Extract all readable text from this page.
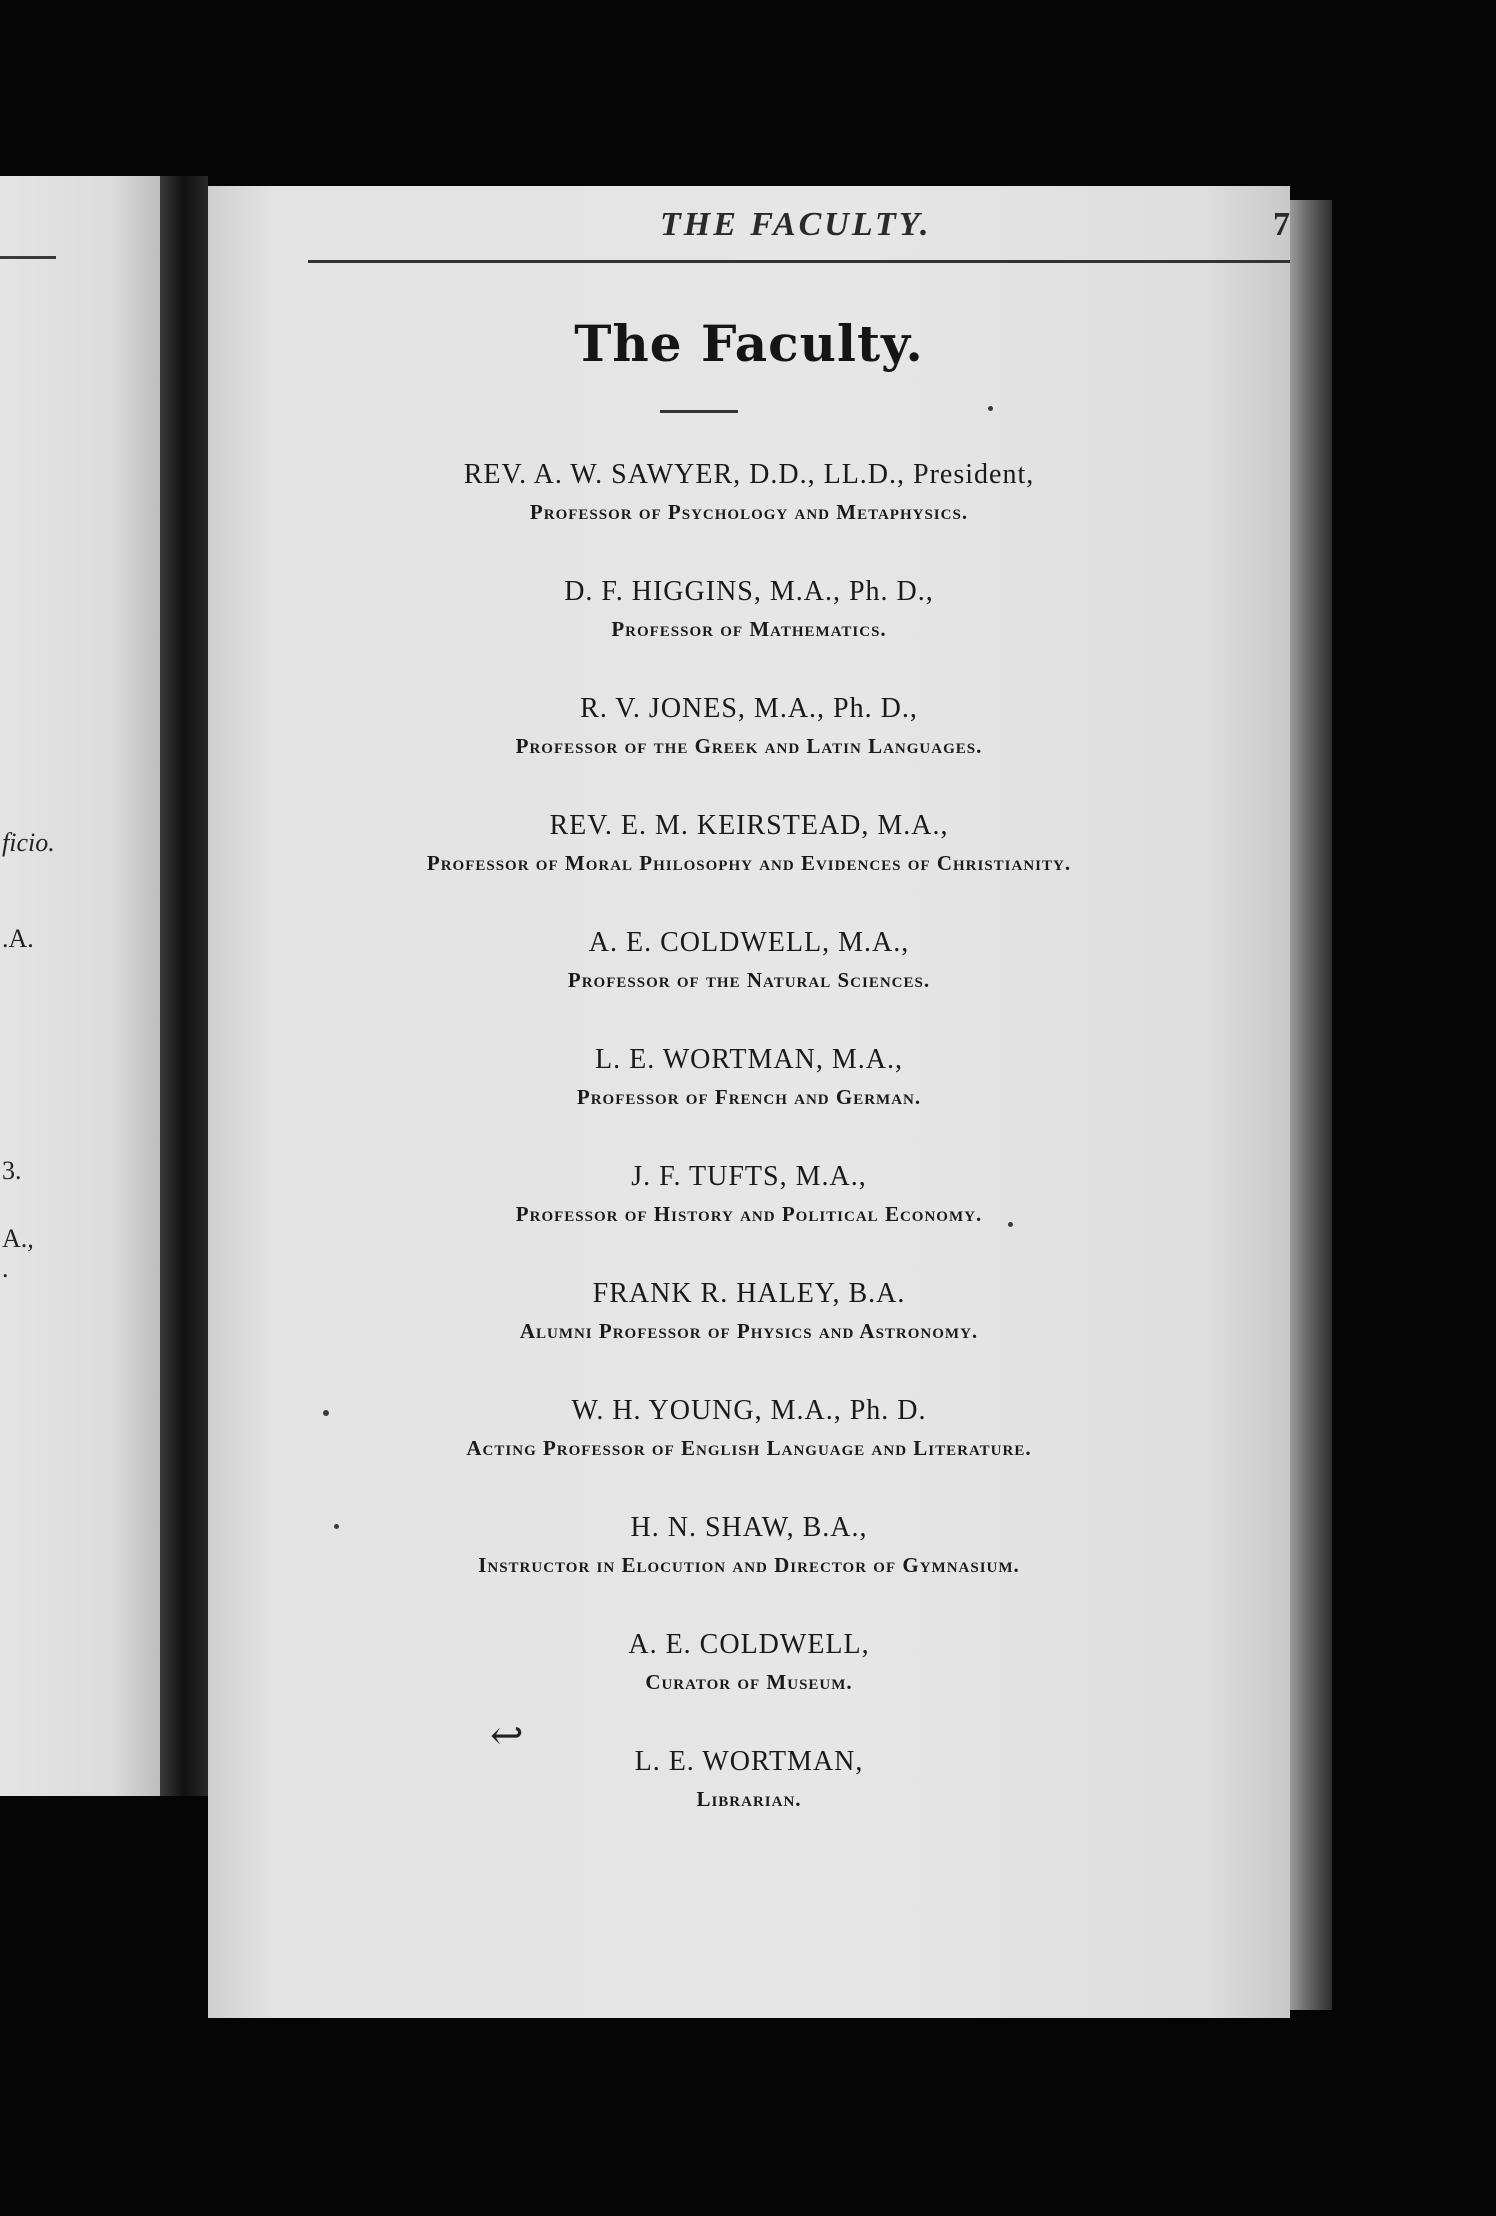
ficio.
.A.
3.
A.,
.
THE FACULTY.	7
The Faculty.
REV. A. W. SAWYER, D.D., LL.D., President,
Professor of Psychology and Metaphysics.
D. F. HIGGINS, M.A., Ph. D.,
Professor of Mathematics.
R. V. JONES, M.A., Ph. D.,
Professor of the Greek and Latin Languages.
REV. E. M. KEIRSTEAD, M.A.,
Professor of Moral Philosophy and Evidences of Christianity.
A. E. COLDWELL, M.A.,
Professor of the Natural Sciences.
L. E. WORTMAN, M.A.,
Professor of French and German.
J. F. TUFTS, M.A.,
Professor of History and Political Economy.
FRANK R. HALEY, B.A.
Alumni Professor of Physics and Astronomy.
W. H. YOUNG, M.A., Ph. D.
Acting Professor of English Language and Literature.
H. N. SHAW, B.A.,
Instructor in Elocution and Director of Gymnasium.
A. E. COLDWELL,
Curator of Museum.
L. E. WORTMAN,
Librarian.
↩
